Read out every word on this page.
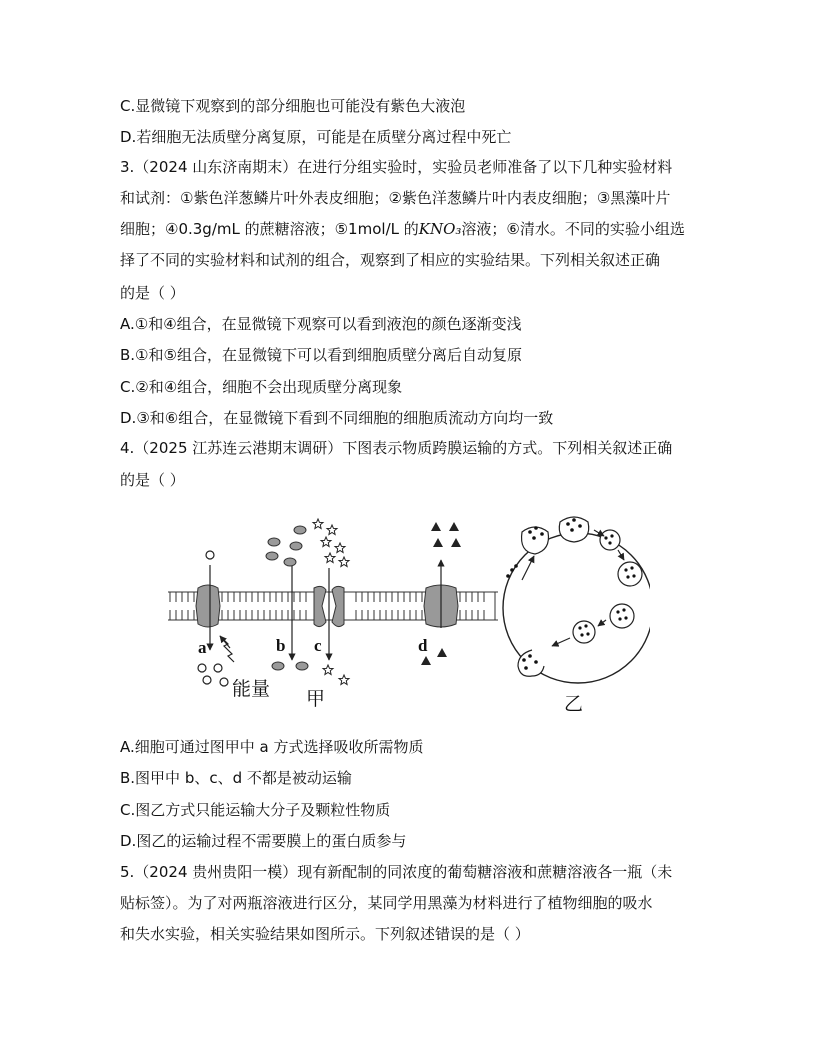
C.显微镜下观察到的部分细胞也可能没有紫色大液泡
D.若细胞无法质壁分离复原，可能是在质壁分离过程中死亡
3.（2024 山东济南期末）在进行分组实验时，实验员老师准备了以下几种实验材料
和试剂：①紫色洋葱鳞片叶外表皮细胞；②紫色洋葱鳞片叶内表皮细胞；③黑藻叶片
细胞；④0.3g/mL 的蔗糖溶液；⑤1mol/L 的KNO₃溶液；⑥清水。不同的实验小组选
择了不同的实验材料和试剂的组合，观察到了相应的实验结果。下列相关叙述正确
的是（ ）
A.①和④组合，在显微镜下观察可以看到液泡的颜色逐渐变浅
B.①和⑤组合，在显微镜下可以看到细胞质壁分离后自动复原
C.②和④组合，细胞不会出现质壁分离现象
D.③和⑥组合，在显微镜下看到不同细胞的细胞质流动方向均一致
4.（2025 江苏连云港期末调研）下图表示物质跨膜运输的方式。下列相关叙述正确
的是（ ）
a	b c	d
能量 甲	乙
A.细胞可通过图甲中 a 方式选择吸收所需物质
B.图甲中 b、c、d 不都是被动运输
C.图乙方式只能运输大分子及颗粒性物质
D.图乙的运输过程不需要膜上的蛋白质参与
5.（2024 贵州贵阳一模）现有新配制的同浓度的葡萄糖溶液和蔗糖溶液各一瓶（未
贴标签）。为了对两瓶溶液进行区分，某同学用黑藻为材料进行了植物细胞的吸水
和失水实验，相关实验结果如图所示。下列叙述错误的是（ ）
